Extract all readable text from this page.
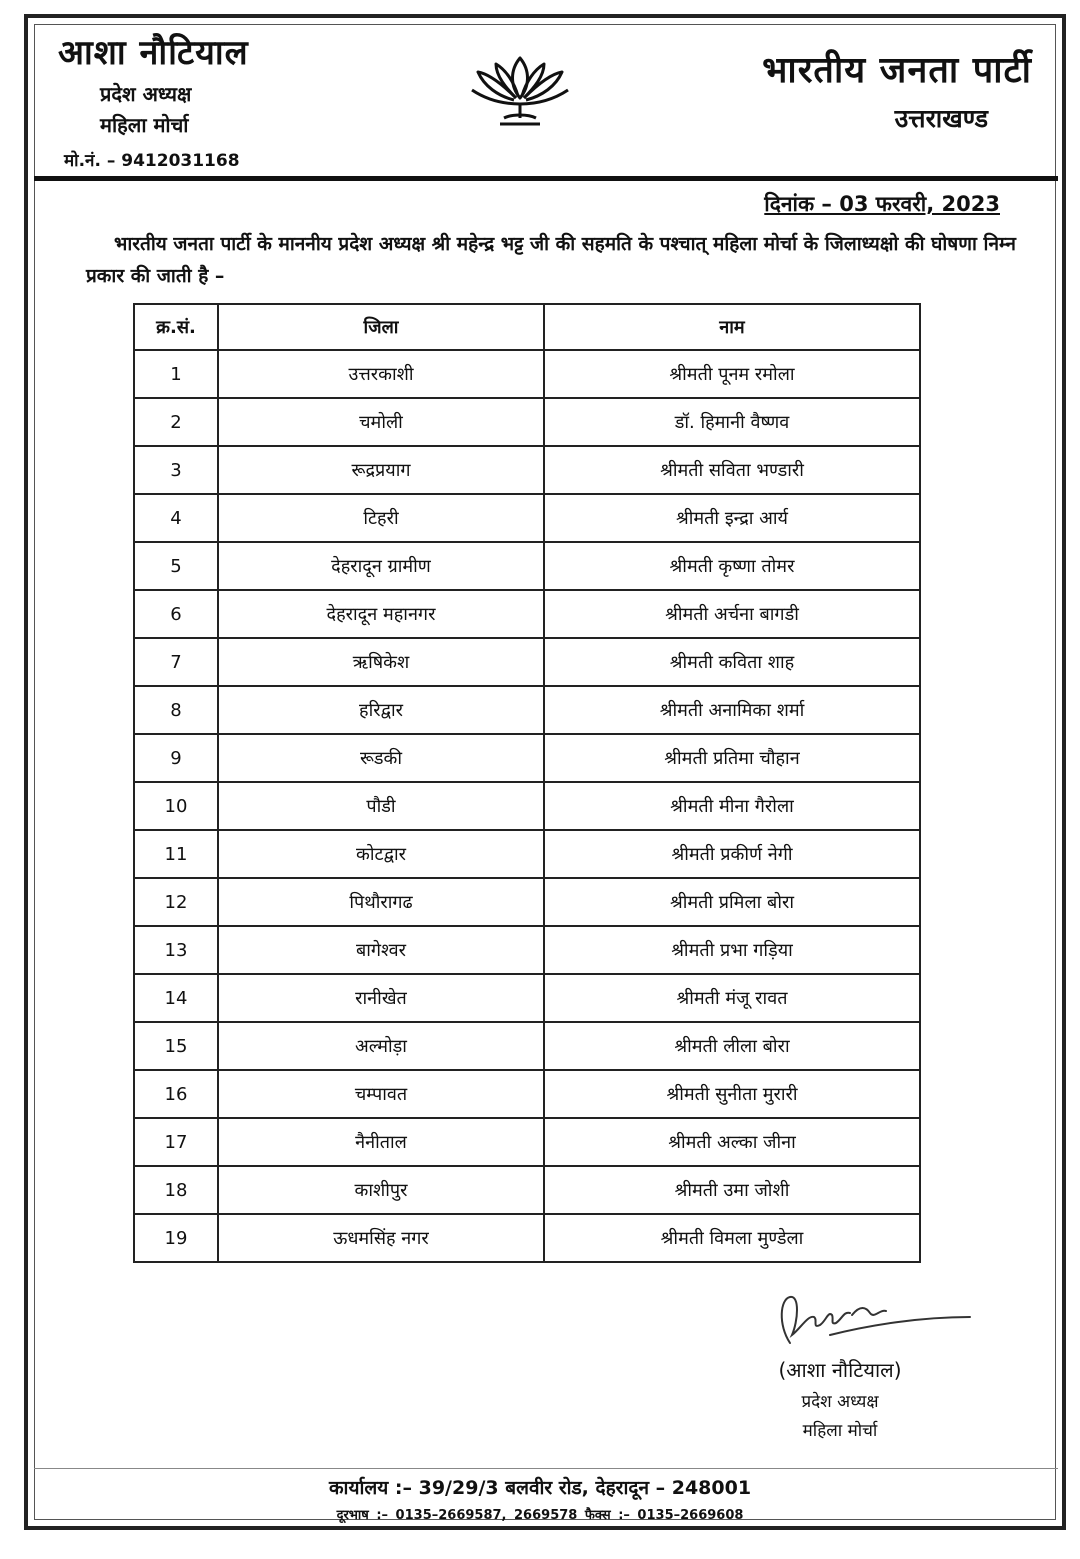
आशा नौटियाल
प्रदेश अध्यक्ष
महिला मोर्चा
मो.नं. – 9412031168
भारतीय जनता पार्टी
उत्तराखण्ड
दिनांक – 03 फरवरी, 2023
भारतीय जनता पार्टी के माननीय प्रदेश अध्यक्ष श्री महेन्द्र भट्ट जी की सहमति के पश्चात् महिला मोर्चा के जिलाध्यक्षो की घोषणा निम्न प्रकार की जाती है –
क्र.सं.	जिला	नाम
1	उत्तरकाशी	श्रीमती पूनम रमोला
2	चमोली	डॉ. हिमानी वैष्णव
3	रूद्रप्रयाग	श्रीमती सविता भण्डारी
4	टिहरी	श्रीमती इन्द्रा आर्य
5	देहरादून ग्रामीण	श्रीमती कृष्णा तोमर
6	देहरादून महानगर	श्रीमती अर्चना बागडी
7	ऋषिकेश	श्रीमती कविता शाह
8	हरिद्वार	श्रीमती अनामिका शर्मा
9	रूडकी	श्रीमती प्रतिमा चौहान
10	पौडी	श्रीमती मीना गैरोला
11	कोटद्वार	श्रीमती प्रकीर्ण नेगी
12	पिथौरागढ	श्रीमती प्रमिला बोरा
13	बागेश्वर	श्रीमती प्रभा गड़िया
14	रानीखेत	श्रीमती मंजू रावत
15	अल्मोड़ा	श्रीमती लीला बोरा
16	चम्पावत	श्रीमती सुनीता मुरारी
17	नैनीताल	श्रीमती अल्का जीना
18	काशीपुर	श्रीमती उमा जोशी
19	ऊधमसिंह नगर	श्रीमती विमला मुण्डेला
(आशा नौटियाल)
प्रदेश अध्यक्ष
महिला मोर्चा
कार्यालय :– 39/29/3 बलवीर रोड, देहरादून – 248001
दूरभाष :– 0135–2669587, 2669578 फैक्स :– 0135–2669608
